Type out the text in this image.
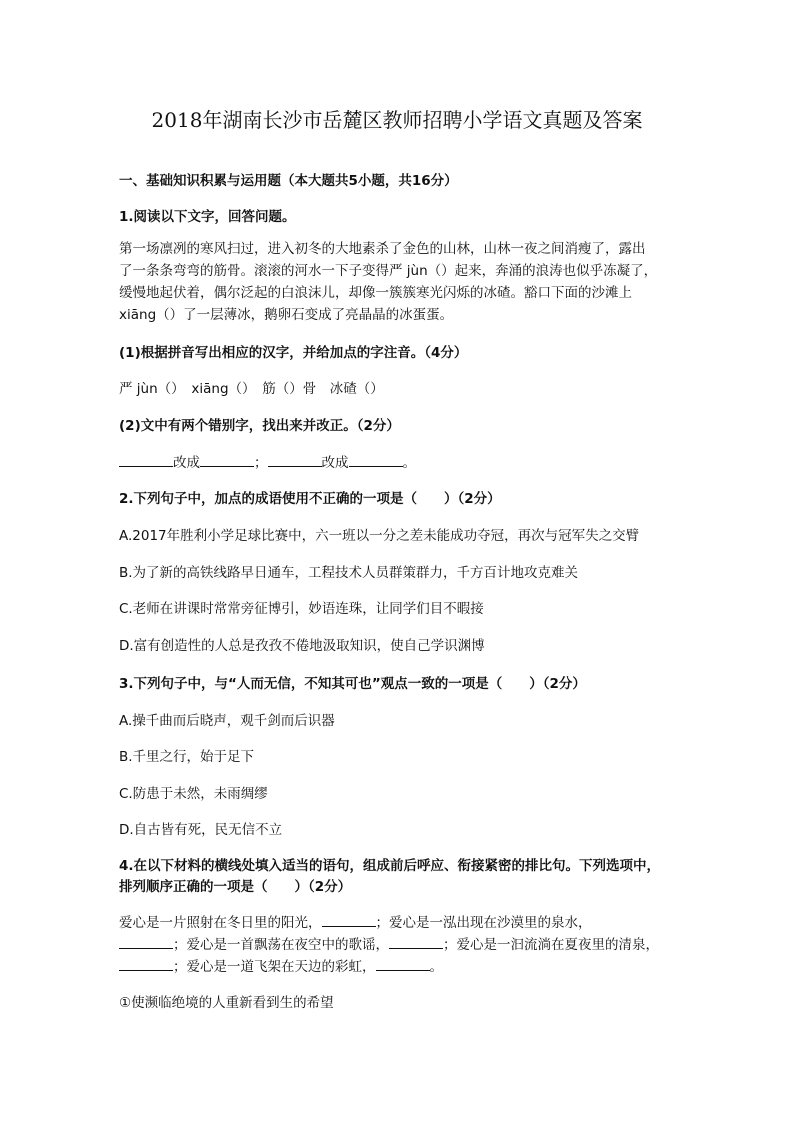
2018年湖南长沙市岳麓区教师招聘小学语文真题及答案
一、基础知识积累与运用题（本大题共5小题，共16分）
1.阅读以下文字，回答问题。
第一场凛冽的寒风扫过，进入初冬的大地素杀了金色的山林，山林一夜之间消瘦了，露出
了一条条弯弯的筋骨。滚滚的河水一下子变得严 jùn（）起来，奔涌的浪涛也似乎冻凝了，
缓慢地起伏着，偶尔泛起的白浪沫儿，却像一簇簇寒光闪烁的冰碴。豁口下面的沙滩上
xiāng（）了一层薄冰，鹅卵石变成了亮晶晶的冰蛋蛋。
(1)根据拼音写出相应的汉字，并给加点的字注音。（4分）
严 jùn（）　xiāng（）　筋（）骨　冰碴（）
(2)文中有两个错别字，找出来并改正。（2分）
改成	；	改成	。
2.下列句子中，加点的成语使用不正确的一项是（　　）（2分）
A.2017年胜利小学足球比赛中，六一班以一分之差未能成功夺冠，再次与冠军失之交臂
B.为了新的高铁线路早日通车，工程技术人员群策群力，千方百计地攻克难关
C.老师在讲课时常常旁征博引，妙语连珠，让同学们目不暇接
D.富有创造性的人总是孜孜不倦地汲取知识，使自己学识渊博
3.下列句子中，与“人而无信，不知其可也”观点一致的一项是（　　）（2分）
A.操千曲而后晓声，观千剑而后识器
B.千里之行，始于足下
C.防患于未然，未雨绸缪
D.自古皆有死，民无信不立
4.在以下材料的横线处填入适当的语句，组成前后呼应、衔接紧密的排比句。下列选项中，
排列顺序正确的一项是（　　）（2分）
爱心是一片照射在冬日里的阳光，	；爱心是一泓出现在沙漠里的泉水，
；爱心是一首飘荡在夜空中的歌谣，	；爱心是一汩流淌在夏夜里的清泉，
；爱心是一道飞架在天边的彩虹，	。
①使濒临绝境的人重新看到生的希望
